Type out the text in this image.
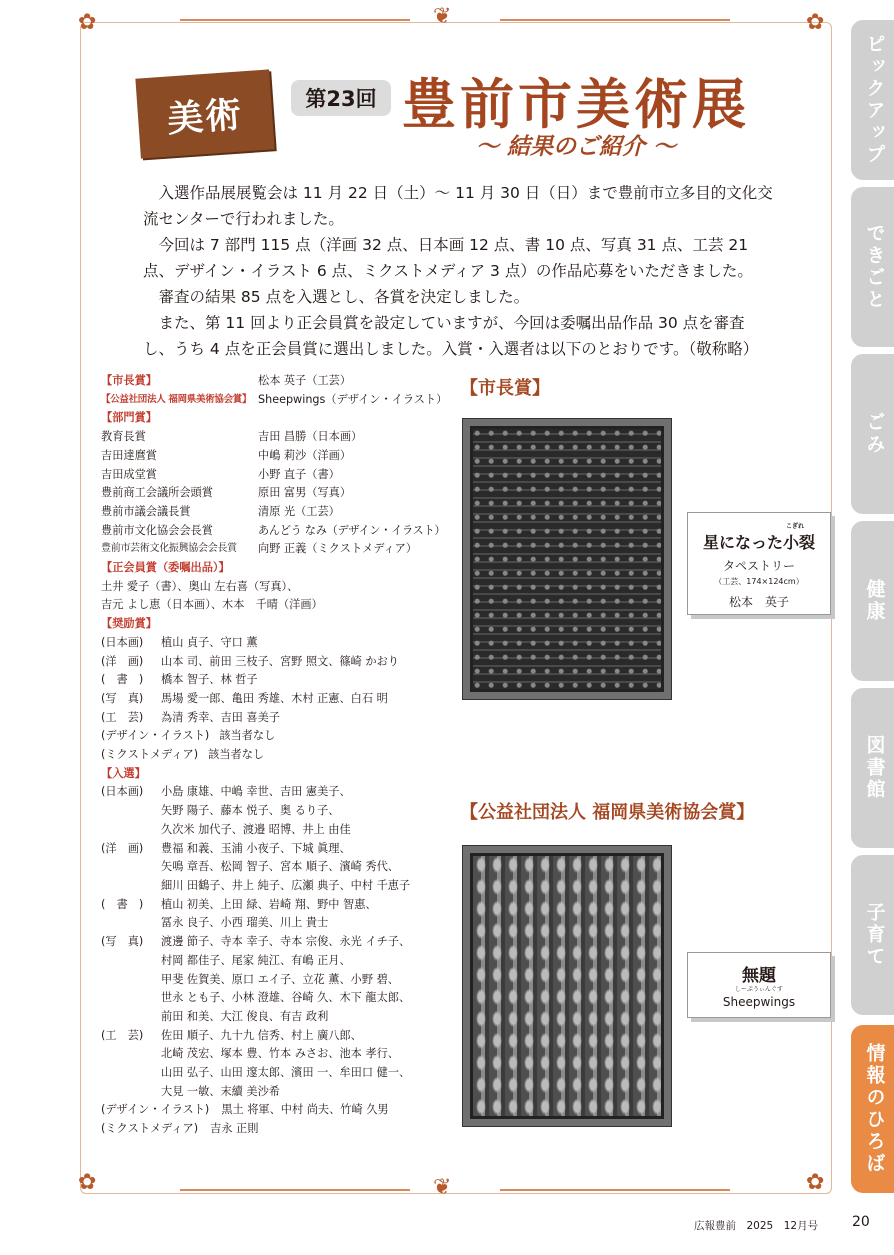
❦
✿	✿
❦
✿	✿
美術	第23回 豊前市美術展
〜 結果のご紹介 〜

入選作品展展覧会は 11 月 22 日（土）〜 11 月 30 日（日）まで豊前市立多目的文化交流センターで行われました。

今回は 7 部門 115 点（洋画 32 点、日本画 12 点、書 10 点、写真 31 点、工芸 21 点、デザイン・イラスト 6 点、ミクストメディア 3 点）の作品応募をいただきました。

審査の結果 85 点を入選とし、各賞を決定しました。

また、第 11 回より正会員賞を設定していますが、今回は委嘱出品作品 30 点を審査し、うち 4 点を正会員賞に選出しました。入賞・入選者は以下のとおりです。（敬称略）

【市長賞】	松本 英子（工芸）
【公益社団法人 福岡県美術協会賞】 Sheepwings（デザイン・イラスト）
【部門賞】
教育長賞	吉田 昌勝（日本画）
吉田達麿賞	中嶋 莉沙（洋画）
吉田成堂賞	小野 直子（書）
豊前商工会議所会頭賞	原田 富男（写真）
豊前市議会議長賞	清原 光（工芸）
豊前市文化協会会長賞	あんどう なみ（デザイン・イラスト）
豊前市芸術文化振興協会会長賞	向野 正義（ミクストメディア）
【正会員賞（委嘱出品）】
土井 愛子（書）、奥山 左右喜（写真）、
吉元 よし恵（日本画）、木本　千晴（洋画）
【奨励賞】
(日本画)	植山 貞子、守口 薫
(洋　画)	山本 司、前田 三枝子、宮野 照文、篠崎 かおり
(　書　)	橋本 智子、林 哲子
(写　真)	馬場 愛一郎、亀田 秀雄、木村 正憲、白石 明
(工　芸)	為清 秀幸、吉田 喜美子
(デザイン・イラスト) 該当者なし
(ミクストメディア) 該当者なし
【入選】
(日本画)	小島 康雄、中嶋 幸世、吉田 憲美子、
矢野 陽子、藤本 悦子、奥 るり子、
久次米 加代子、渡邉 昭博、井上 由佳
(洋　画)	豊福 和義、玉浦 小夜子、下城 眞理、
矢鳴 章吾、松岡 智子、宮本 順子、濱崎 秀代、
細川 田鶴子、井上 純子、広瀬 典子、中村 千恵子
(　書　)	植山 初美、上田 緑、岩崎 翔、野中 智惠、
冨永 良子、小西 瑠美、川上 貴士
(写　真)	渡邊 節子、寺本 幸子、寺本 宗俊、永光 イチ子、
村岡 都佳子、尾家 純江、有嶋 正月、
甲斐 佐賀美、原口 エイ子、立花 薫、小野 碧、
世永 とも子、小林 澄雄、谷崎 久、木下 龍太郎、
前田 和美、大江 俊良、有吉 政利
(工　芸)	佐田 順子、九十九 信秀、村上 廣八郎、
北崎 茂宏、塚本 豊、竹本 みさお、池本 孝行、
山田 弘子、山田 邃太郎、濱田 一、牟田口 健一、
大見 一敏、末續 美沙希
(デザイン・イラスト) 黒土 将軍、中村 尚夫、竹崎 久男
(ミクストメディア) 吉永 正則
【市長賞】
こぎれ
星になった小裂
タペストリー
（工芸、174×124cm）
松本　英子
【公益社団法人 福岡県美術協会賞】
無題
しーぷうぃんぐす
Sheepwings
ピックアップ
できごと
ごみ
健康
図書館
子育て
情報のひろば
広報豊前　2025　12月号 20
